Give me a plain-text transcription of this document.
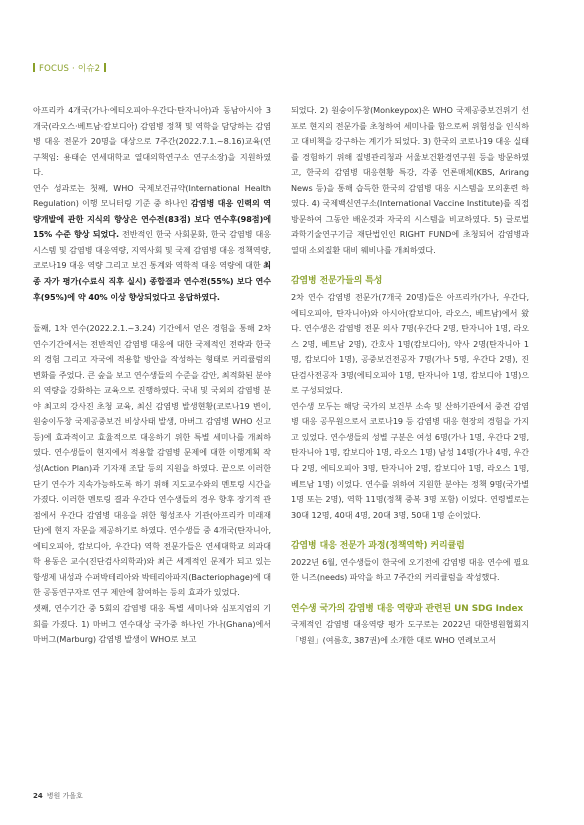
FOCUS · 이슈2

아프리카 4개국(가나·에티오피아·우간다·탄자니아)과 동남아시아 3개국(라오스·베트남·캄보디아) 감염병 정책 및 역학을 담당하는 감염병 대응 전문가 20명을 대상으로 7주간(2022.7.1.~8.16)교육(연구책임: 용태순 연세대학교 열대의학연구소 연구소장)을 지원하였다.

연수 성과로는 첫째, WHO 국제보건규약(International Health Regulation) 이행 모니터링 기준 중 하나인 감염병 대응 인력의 역량개발에 관한 지식의 향상은 연수전(83점) 보다 연수후(98점)에 15% 수준 향상 되었다. 전반적인 한국 사회문화, 한국 감염병 대응 시스템 및 감염병 대응역량, 지역사회 및 국제 감염병 대응 정책역량, 코로나19 대응 역량 그리고 보건 통계와 역학적 대응 역량에 대한 최종 자가 평가(수료식 직후 실시) 종합결과 연수전(55%) 보다 연수후(95%)에 약 40% 이상 향상되었다고 응답하였다.

둘째, 1차 연수(2022.2.1.~3.24) 기간에서 얻은 경험을 통해 2차 연수기간에서는 전반적인 감염병 대응에 대한 국제적인 전략과 한국의 경험 그리고 자국에 적용할 방안을 작성하는 형태로 커리큘럼의 변화를 주었다. 큰 숲을 보고 연수생들의 수준을 감안, 최적화된 분야의 역량을 강화하는 교육으로 진행하였다. 국내 및 국외의 감염병 분야 최고의 강사진 초청 교육, 최신 감염병 발생현황(코로나19 변이, 원숭이두창 국제공중보건 비상사태 발생, 마버그 감염병 WHO 신고 등)에 효과적이고 효율적으로 대응하기 위한 특별 세미나를 개최하였다. 연수생들이 현지에서 적용할 감염병 문제에 대한 이행계획 작성(Action Plan)과 기자재 조달 등의 지원을 하였다. 끝으로 이러한 단기 연수가 지속가능하도록 하기 위해 지도교수와의 멘토링 시간을 가졌다. 이러한 멘토링 결과 우간다 연수생들의 경우 향후 장기적 관점에서 우간다 감염병 대응을 위한 형성조사 기관(아프리카 미래재단)에 현지 자문을 제공하기로 하였다. 연수생들 중 4개국(탄자니아, 에티오피아, 캄보디아, 우간다) 역학 전문가들은 연세대학교 의과대학 용동은 교수(진단검사의학과)와 최근 세계적인 문제가 되고 있는 항생제 내성과 수퍼박테리아와 박테리아파지(Bacteriophage)에 대한 공동연구자로 연구 제안에 참여하는 등의 효과가 있었다.

셋째, 연수기간 중 5회의 감염병 대응 특별 세미나와 심포지엄의 기회를 가졌다. 1) 마버그 연수대상 국가중 하나인 가나(Ghana)에서 마버그(Marburg) 감염병 발생이 WHO로 보고

되었다. 2) 원숭이두창(Monkeypox)은 WHO 국제공중보건위기 선포로 현지의 전문가를 초청하여 세미나를 함으로써 위험성을 인식하고 대비책을 강구하는 계기가 되었다. 3) 한국의 코로나19 대응 실태를 경험하기 위해 질병관리청과 서울보건환경연구원 등을 방문하였고, 한국의 감염병 대응현황 특강, 각종 언론매체(KBS, Arirang News 등)을 통해 습득한 한국의 감염병 대응 시스템을 모의훈련 하였다. 4) 국제백신연구소(International Vaccine Institute)를 직접 방문하여 그동안 배운것과 자국의 시스템을 비교하였다. 5) 글로벌과학기술연구기금 재단법인인 RIGHT FUND에 초청되어 감염병과 열대 소외질환 대비 웨비나를 개최하였다.

감염병 전문가들의 특성

2차 연수 감염병 전문가(7개국 20명)들은 아프리카(가나, 우간다, 에티오피아, 탄자니아)와 아시아(캄보디아, 라오스, 베트남)에서 왔다. 연수생은 감염병 전문 의사 7명(우간다 2명, 탄자니아 1명, 라오스 2명, 베트남 2명), 간호사 1명(캄보디아), 약사 2명(탄자니아 1명, 캄보디아 1명), 공중보건전공자 7명(가나 5명, 우간다 2명), 진단검사전공자 3명(에티오피아 1명, 탄자니아 1명, 캄보디아 1명)으로 구성되었다.

연수생 모두는 해당 국가의 보건부 소속 및 산하기관에서 중견 감염병 대응 공무원으로서 코로나19 등 감염병 대응 현장의 경험을 가지고 있었다. 연수생들의 성별 구분은 여성 6명(가나 1명, 우간다 2명, 탄자니아 1명, 캄보디아 1명, 라오스 1명) 남성 14명(가나 4명, 우간다 2명, 에티오피아 3명, 탄자니아 2명, 캄보디아 1명, 라오스 1명, 베트남 1명) 이었다. 연수를 위하여 지원한 분야는 정책 9명(국가별 1명 또는 2명), 역학 11명(정책 중복 3명 포함) 이었다. 연령별로는 30대 12명, 40대 4명, 20대 3명, 50대 1명 순이었다.

감염병 대응 전문가 과정(정책역학) 커리큘럼

2022년 6월, 연수생들이 한국에 오기전에 감염병 대응 연수에 필요한 니즈(needs) 파악을 하고 7주간의 커리큘럼을 작성했다.

연수생 국가의 감염병 대응 역량과 관련된 UN SDG Index

국제적인 감염병 대응역량 평가 도구로는 2022년 대한병원협회지 「병원」(여름호, 387권)에 소개한 대로 WHO 연례보고서

24 병원 가을호
